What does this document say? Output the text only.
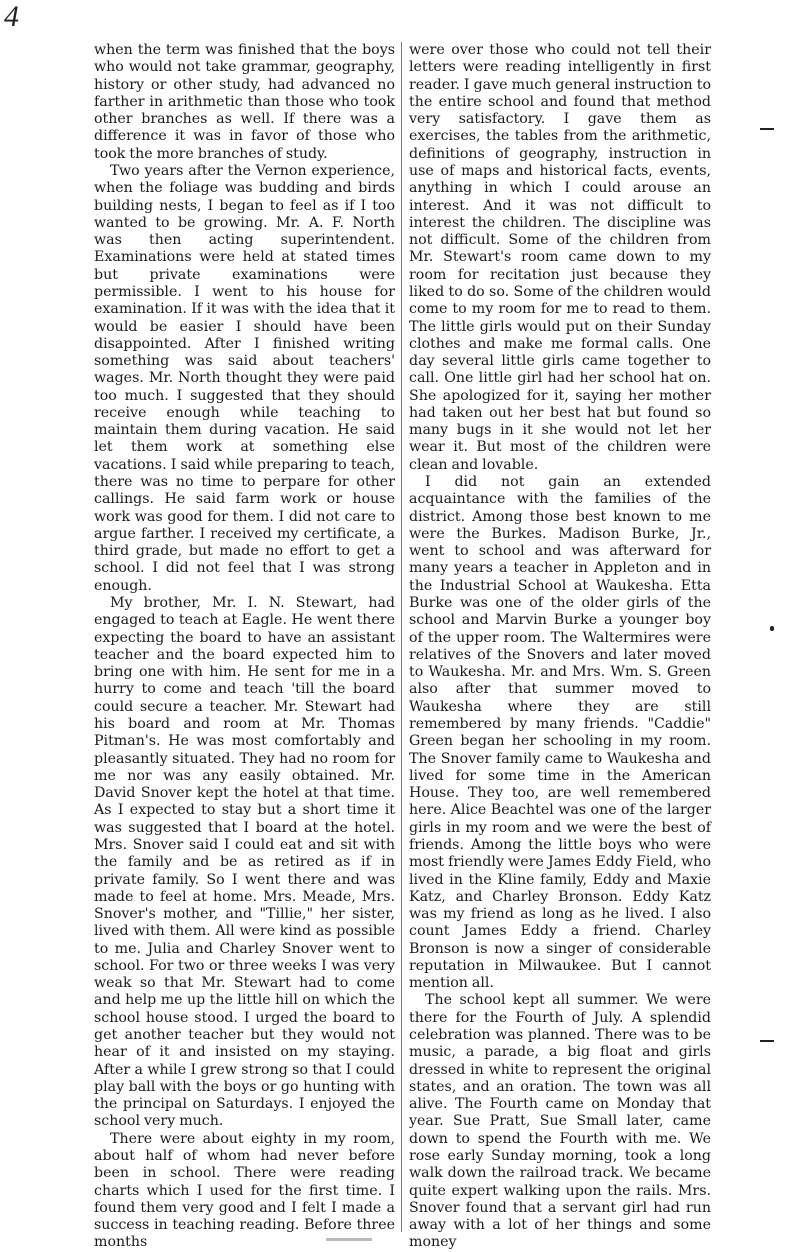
4

when the term was finished that the boys who would not take grammar, geography, history or other study, had advanced no farther in arithmetic than those who took other branches as well. If there was a difference it was in favor of those who took the more branches of study.

Two years after the Vernon experience, when the foliage was budding and birds building nests, I began to feel as if I too wanted to be growing. Mr. A. F. North was then acting superintendent. Examinations were held at stated times but private examinations were permissible. I went to his house for examination. If it was with the idea that it would be easier I should have been disappointed. After I finished writing something was said about teachers' wages. Mr. North thought they were paid too much. I suggested that they should receive enough while teaching to maintain them during vacation. He said let them work at something else vacations. I said while preparing to teach, there was no time to perpare for other callings. He said farm work or house work was good for them. I did not care to argue farther. I received my certificate, a third grade, but made no effort to get a school. I did not feel that I was strong enough.

My brother, Mr. I. N. Stewart, had engaged to teach at Eagle. He went there expecting the board to have an assistant teacher and the board expected him to bring one with him. He sent for me in a hurry to come and teach 'till the board could secure a teacher. Mr. Stewart had his board and room at Mr. Thomas Pitman's. He was most comfortably and pleasantly situated. They had no room for me nor was any easily obtained. Mr. David Snover kept the hotel at that time. As I expected to stay but a short time it was suggested that I board at the hotel. Mrs. Snover said I could eat and sit with the family and be as retired as if in private family. So I went there and was made to feel at home. Mrs. Meade, Mrs. Snover's mother, and "Tillie," her sister, lived with them. All were kind as possible to me. Julia and Charley Snover went to school. For two or three weeks I was very weak so that Mr. Stewart had to come and help me up the little hill on which the school house stood. I urged the board to get another teacher but they would not hear of it and insisted on my staying. After a while I grew strong so that I could play ball with the boys or go hunting with the principal on Saturdays. I enjoyed the school very much.

There were about eighty in my room, about half of whom had never before been in school. There were reading charts which I used for the first time. I found them very good and I felt I made a success in teaching reading. Before three months

were over those who could not tell their letters were reading intelligently in first reader. I gave much general instruction to the entire school and found that method very satisfactory. I gave them as exercises, the tables from the arithmetic, definitions of geography, instruction in use of maps and historical facts, events, anything in which I could arouse an interest. And it was not difficult to interest the children. The discipline was not difficult. Some of the children from Mr. Stewart's room came down to my room for recitation just because they liked to do so. Some of the children would come to my room for me to read to them. The little girls would put on their Sunday clothes and make me formal calls. One day several little girls came together to call. One little girl had her school hat on. She apologized for it, saying her mother had taken out her best hat but found so many bugs in it she would not let her wear it. But most of the children were clean and lovable.

I did not gain an extended acquaintance with the families of the district. Among those best known to me were the Burkes. Madison Burke, Jr., went to school and was afterward for many years a teacher in Appleton and in the Industrial School at Waukesha. Etta Burke was one of the older girls of the school and Marvin Burke a younger boy of the upper room. The Waltermires were relatives of the Snovers and later moved to Waukesha. Mr. and Mrs. Wm. S. Green also after that summer moved to Waukesha where they are still remembered by many friends. "Caddie" Green began her schooling in my room. The Snover family came to Waukesha and lived for some time in the American House. They too, are well remembered here. Alice Beachtel was one of the larger girls in my room and we were the best of friends. Among the little boys who were most friendly were James Eddy Field, who lived in the Kline family, Eddy and Maxie Katz, and Charley Bronson. Eddy Katz was my friend as long as he lived. I also count James Eddy a friend. Charley Bronson is now a singer of considerable reputation in Milwaukee. But I cannot mention all.

The school kept all summer. We were there for the Fourth of July. A splendid celebration was planned. There was to be music, a parade, a big float and girls dressed in white to represent the original states, and an oration. The town was all alive. The Fourth came on Monday that year. Sue Pratt, Sue Small later, came down to spend the Fourth with me. We rose early Sunday morning, took a long walk down the railroad track. We became quite expert walking upon the rails. Mrs. Snover found that a servant girl had run away with a lot of her things and some money
